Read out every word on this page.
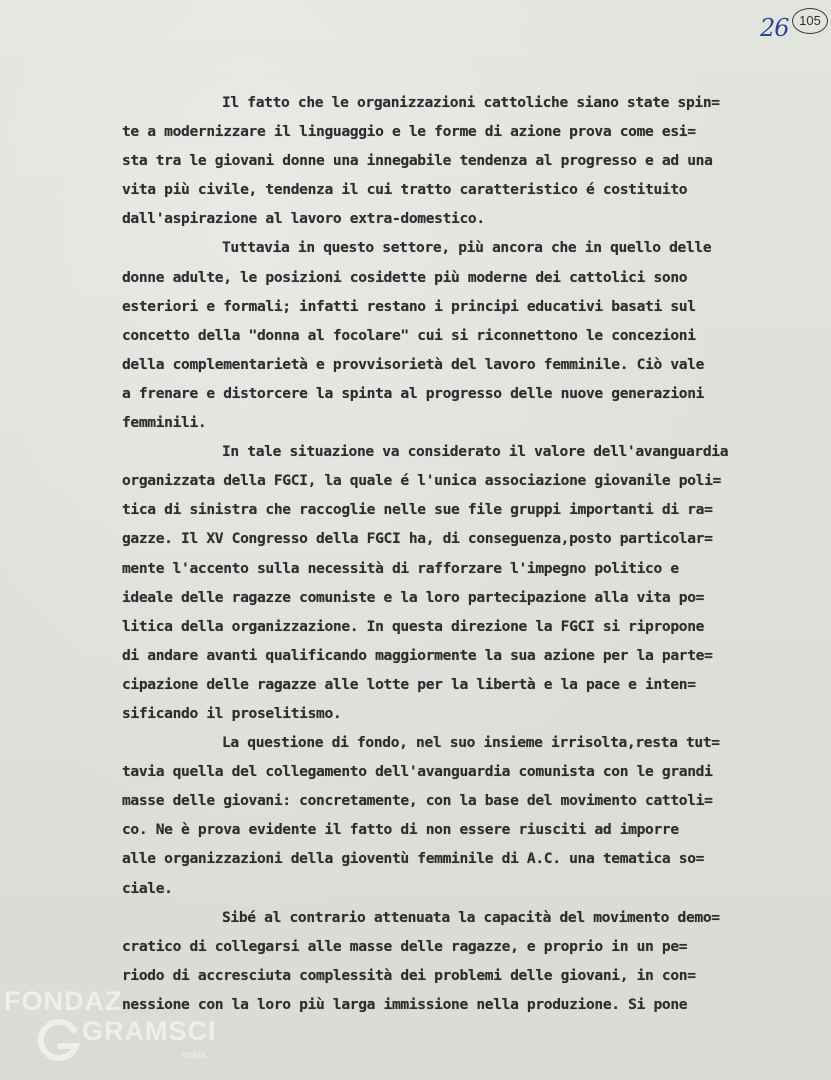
26 105
Il fatto che le organizzazioni cattoliche siano state spin=
te a modernizzare il linguaggio e le forme di azione prova come esi=
sta tra le giovani donne una innegabile tendenza al progresso e ad una
vita più civile, tendenza il cui tratto caratteristico é costituito
dall'aspirazione al lavoro extra-domestico.
Tuttavia in questo settore, più ancora che in quello delle
donne adulte, le posizioni cosidette più moderne dei cattolici sono
esteriori e formali; infatti restano i principi educativi basati sul
concetto della "donna al focolare" cui si riconnettono le concezioni
della complementarietà e provvisorietà del lavoro femminile. Ciò vale
a frenare e distorcere la spinta al progresso delle nuove generazioni
femminili.
In tale situazione va considerato il valore dell'avanguardia
organizzata della FGCI, la quale é l'unica associazione giovanile poli=
tica di sinistra che raccoglie nelle sue file gruppi importanti di ra=
gazze. Il XV Congresso della FGCI ha, di conseguenza,posto particolar=
mente l'accento sulla necessità di rafforzare l'impegno politico e
ideale delle ragazze comuniste e la loro partecipazione alla vita po=
litica della organizzazione. In questa direzione la FGCI si ripropone
di andare avanti qualificando maggiormente la sua azione per la parte=
cipazione delle ragazze alle lotte per la libertà e la pace e inten=
sificando il proselitismo.
La questione di fondo, nel suo insieme irrisolta,resta tut=
tavia quella del collegamento dell'avanguardia comunista con le grandi
masse delle giovani: concretamente, con la base del movimento cattoli=
co. Ne è prova evidente il fatto di non essere riusciti ad imporre
alle organizzazioni della gioventù femminile di A.C. una tematica so=
ciale.
Sibé al contrario attenuata la capacità del movimento demo=
cratico di collegarsi alle masse delle ragazze, e proprio in un pe=
riodo di accresciuta complessità dei problemi delle giovani, in con=
nessione con la loro più larga immissione nella produzione. Si pone
FONDAZ
GRAMSCI
onlus
